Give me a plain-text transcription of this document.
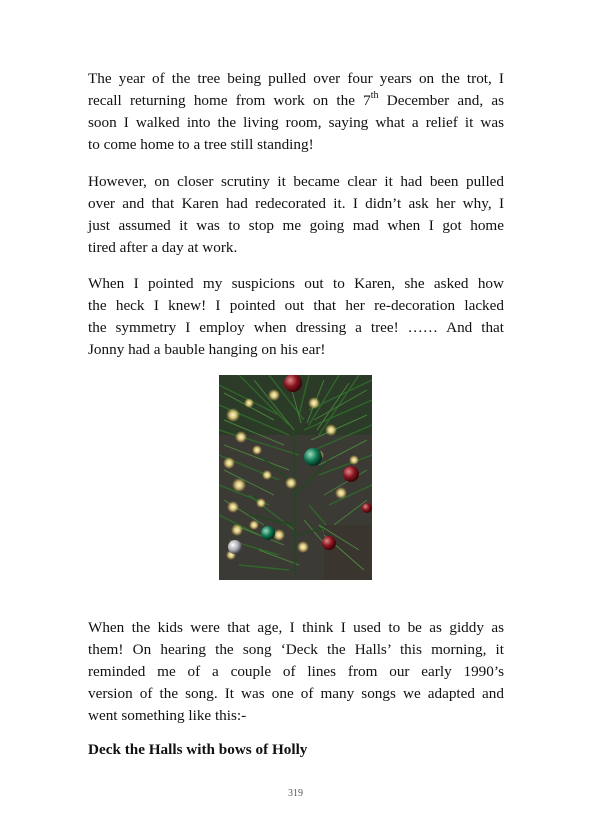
The year of the tree being pulled over four years on the trot, I
recall returning home from work on the 7th December and, as
soon I walked into the living room, saying what a relief it was
to come home to a tree still standing!

However, on closer scrutiny it became clear it had been pulled
over and that Karen had redecorated it. I didn’t ask her why, I
just assumed it was to stop me going mad when I got home
tired after a day at work.

When I pointed my suspicions out to Karen, she asked how
the heck I knew! I pointed out that her re-decoration lacked
the symmetry I employ when dressing a tree! …… And that
Jonny had a bauble hanging on his ear!

When the kids were that age, I think I used to be as giddy as
them! On hearing the song ‘Deck the Halls’ this morning, it
reminded me of a couple of lines from our early 1990’s
version of the song. It was one of many songs we adapted and
went something like this:-

Deck the Halls with bows of Holly

319
